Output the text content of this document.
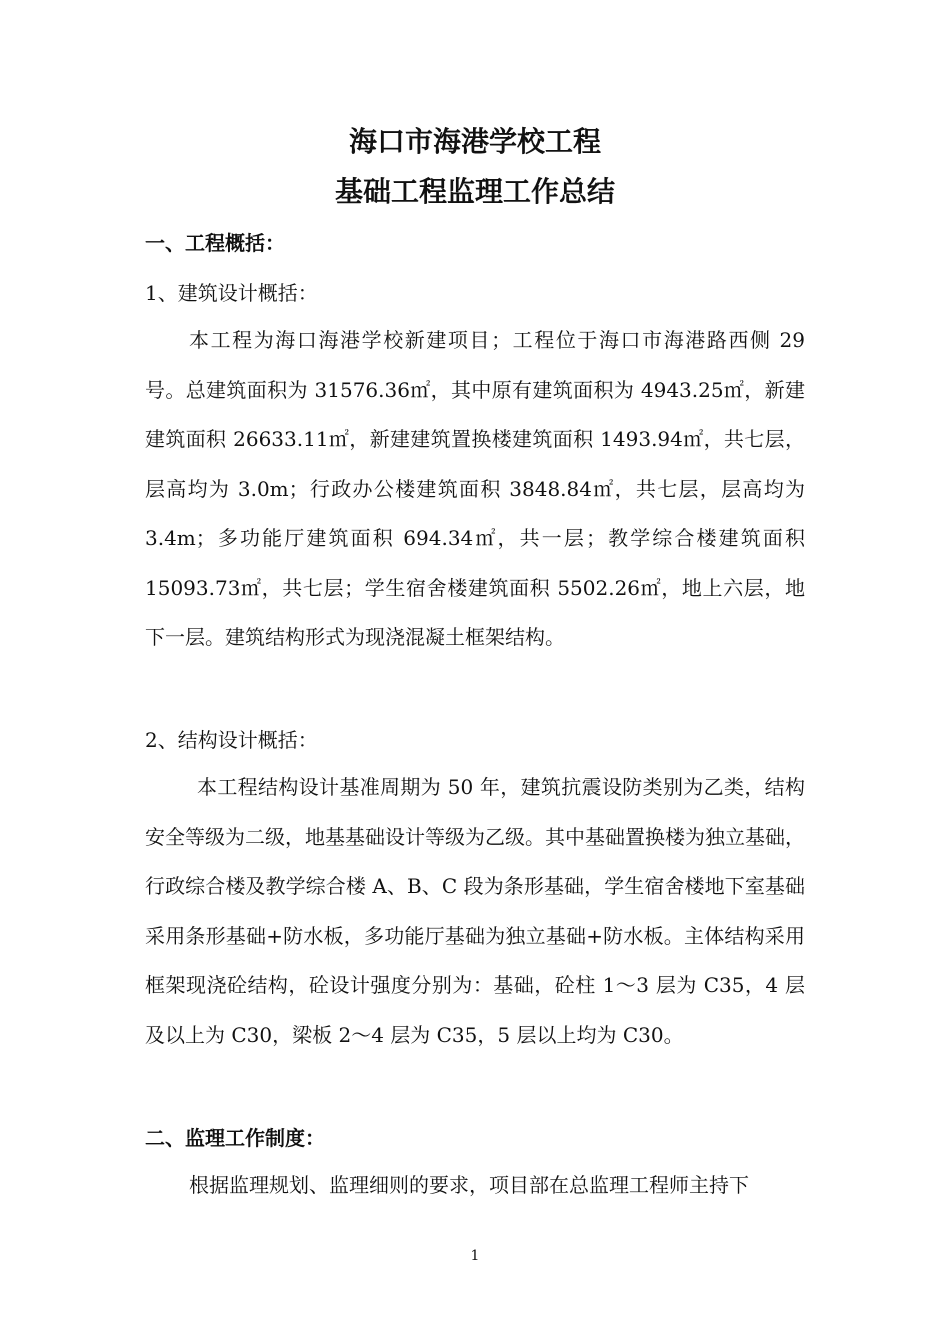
海口市海港学校工程
基础工程监理工作总结
一、工程概括：

1、建筑设计概括：

本工程为海口海港学校新建项目；工程位于海口市海港路西侧 29 号。总建筑面积为 31576.36㎡，其中原有建筑面积为 4943.25㎡，新建建筑面积 26633.11㎡，新建建筑置换楼建筑面积 1493.94㎡，共七层，层高均为 3.0m；行政办公楼建筑面积 3848.84㎡，共七层，层高均为 3.4m；多功能厅建筑面积 694.34㎡，共一层；教学综合楼建筑面积 15093.73㎡，共七层；学生宿舍楼建筑面积 5502.26㎡，地上六层，地下一层。建筑结构形式为现浇混凝土框架结构。

2、结构设计概括：

本工程结构设计基准周期为 50 年，建筑抗震设防类别为乙类，结构安全等级为二级，地基基础设计等级为乙级。其中基础置换楼为独立基础，行政综合楼及教学综合楼 A、B、C 段为条形基础，学生宿舍楼地下室基础采用条形基础+防水板，多功能厅基础为独立基础+防水板。主体结构采用框架现浇砼结构，砼设计强度分别为：基础，砼柱 1～3 层为 C35，4 层及以上为 C30，梁板 2～4 层为 C35，5 层以上均为 C30。

二、监理工作制度：

根据监理规划、监理细则的要求，项目部在总监理工程师主持下

1
